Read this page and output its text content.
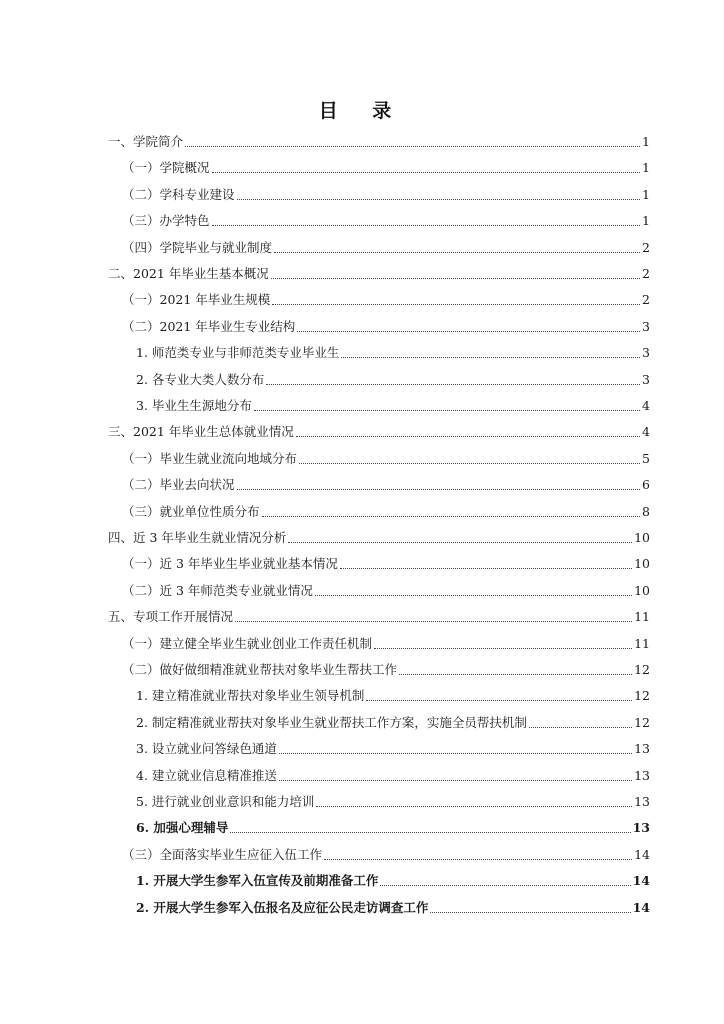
目 录
一、学院简介	1
（一）学院概况	1
（二）学科专业建设	1
（三）办学特色	1
（四）学院毕业与就业制度	2
二、2021 年毕业生基本概况	2
（一）2021 年毕业生规模	2
（二）2021 年毕业生专业结构	3
1. 师范类专业与非师范类专业毕业生	3
2. 各专业大类人数分布	3
3. 毕业生生源地分布	4
三、2021 年毕业生总体就业情况	4
（一）毕业生就业流向地域分布	5
（二）毕业去向状况	6
（三）就业单位性质分布	8
四、近 3 年毕业生就业情况分析	10
（一）近 3 年毕业生毕业就业基本情况	10
（二）近 3 年师范类专业就业情况	10
五、专项工作开展情况	11
（一）建立健全毕业生就业创业工作责任机制	11
（二）做好做细精准就业帮扶对象毕业生帮扶工作	12
1. 建立精准就业帮扶对象毕业生领导机制	12
2. 制定精准就业帮扶对象毕业生就业帮扶工作方案，实施全员帮扶机制	12
3. 设立就业问答绿色通道	13
4. 建立就业信息精准推送	13
5. 进行就业创业意识和能力培训	13
6. 加强心理辅导	13
（三）全面落实毕业生应征入伍工作	14
1. 开展大学生参军入伍宣传及前期准备工作	14
2. 开展大学生参军入伍报名及应征公民走访调查工作	14
